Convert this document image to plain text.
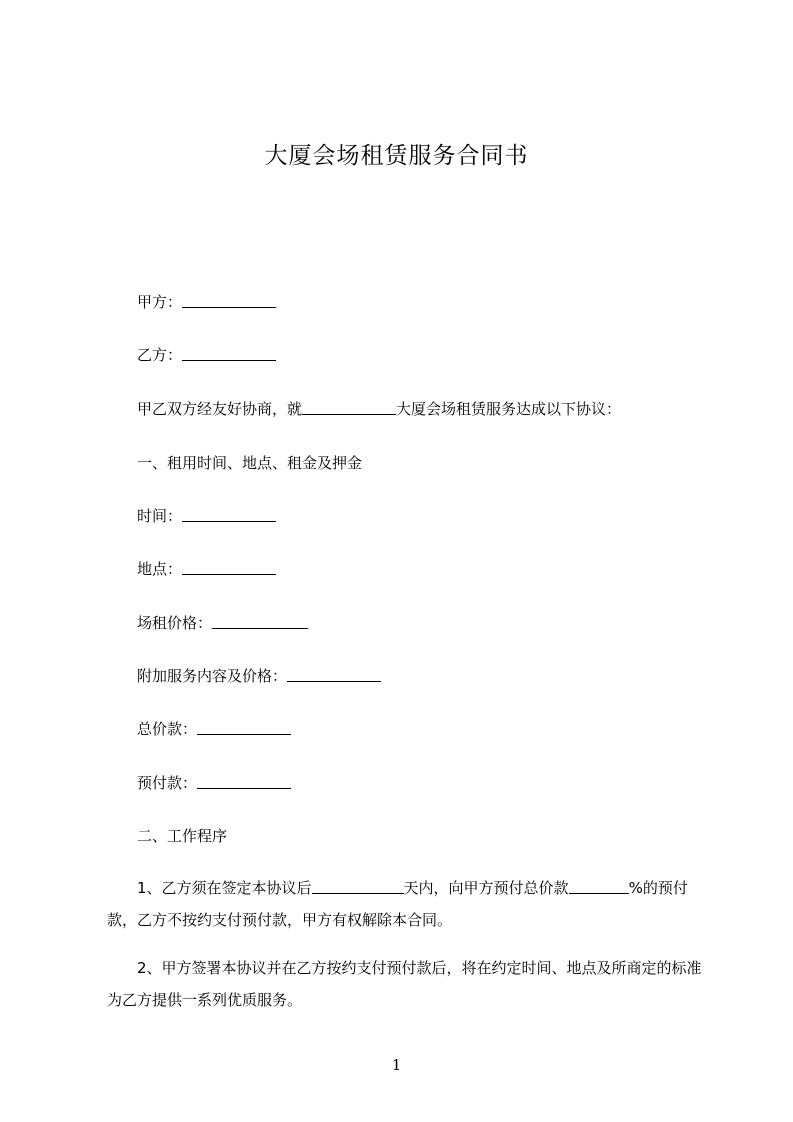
大厦会场租赁服务合同书
甲方：
乙方：
甲乙双方经友好协商，就	大厦会场租赁服务达成以下协议：
一、租用时间、地点、租金及押金
时间：
地点：
场租价格：
附加服务内容及价格：
总价款：
预付款：
二、工作程序
1、乙方须在签定本协议后	天内，向甲方预付总价款	%的预付款，乙方不按约支付预付款，甲方有权解除本合同。
2、甲方签署本协议并在乙方按约支付预付款后，将在约定时间、地点及所商定的标准为乙方提供一系列优质服务。
1
